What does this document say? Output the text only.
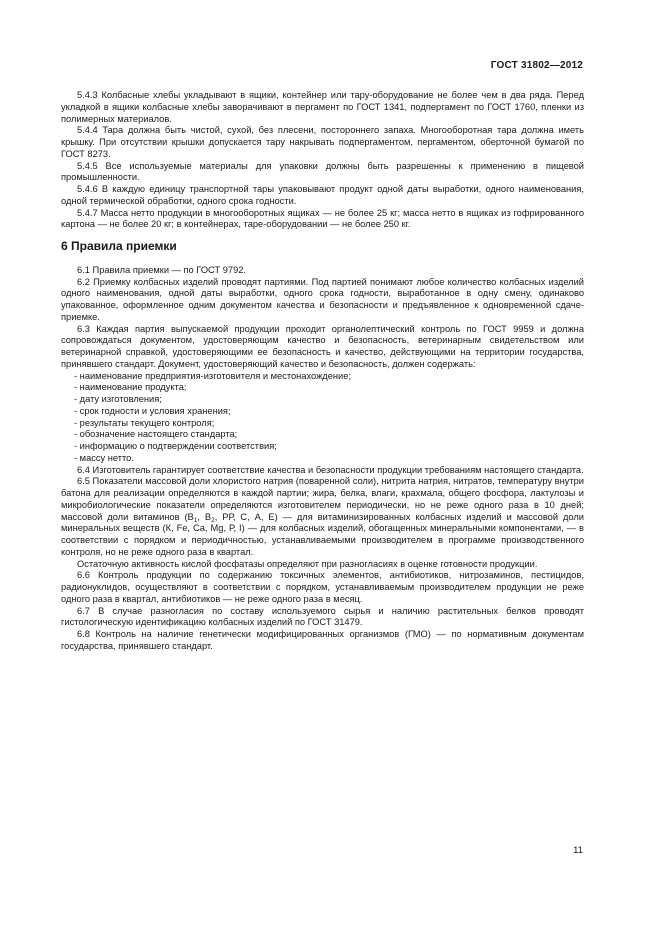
ГОСТ 31802—2012

5.4.3 Колбасные хлебы укладывают в ящики, контейнер или тару-оборудование не более чем в два ряда. Перед укладкой в ящики колбасные хлебы заворачивают в пергамент по ГОСТ 1341, подпергамент по ГОСТ 1760, пленки из полимерных материалов.

5.4.4 Тара должна быть чистой, сухой, без плесени, постороннего запаха. Многооборотная тара должна иметь крышку. При отсутствии крышки допускается тару накрывать подпергаментом, пергаментом, оберточной бумагой по ГОСТ 8273.

5.4.5 Все используемые материалы для упаковки должны быть разрешенны к применению в пищевой промышленности.

5.4.6 В каждую единицу транспортной тары упаковывают продукт одной даты выработки, одного наименования, одной термической обработки, одного срока годности.

5.4.7 Масса нетто продукции в многооборотных ящиках — не более 25 кг; масса нетто в ящиках из гофрированного картона — не более 20 кг; в контейнерах, таре-оборудовании — не более 250 кг.

6 Правила приемки

6.1 Правила приемки — по ГОСТ 9792.

6.2 Приемку колбасных изделий проводят партиями. Под партией понимают любое количество колбасных изделий одного наименования, одной даты выработки, одного срока годности, выработанное в одну смену, одинаково упакованное, оформленное одним документом качества и безопасности и предъявленное к одновременной сдаче-приемке.

6.3 Каждая партия выпускаемой продукции проходит органолептический контроль по ГОСТ 9959 и должна сопровождаться документом, удостоверяющим качество и безопасность, ветеринарным свидетельством или ветеринарной справкой, удостоверяющими ее безопасность и качество, действующими на территории государства, принявшего стандарт. Документ, удостоверяющий качество и безопасность, должен содержать:

- наименование предприятия-изготовителя и местонахождение;
- наименование продукта;
- дату изготовления;
- срок годности и условия хранения;
- результаты текущего контроля;
- обозначение настоящего стандарта;
- информацию о подтверждении соответствия;
- массу нетто.

6.4 Изготовитель гарантирует соответствие качества и безопасности продукции требованиям настоящего стандарта.

6.5 Показатели массовой доли хлористого натрия (поваренной соли), нитрита натрия, нитратов, температуру внутри батона для реализации определяются в каждой партии; жира, белка, влаги, крахмала, общего фосфора, лактулозы и микробиологические показатели определяются изготовителем периодически, но не реже одного раза в 10 дней; массовой доли витаминов ($В_1$, $В_2$, РР, С, А, Е) — для витаминизированных колбасных изделий и массовой доли минеральных веществ (К, Fe, Са, Mg, Р, I) — для колбасных изделий, обогащенных минеральными компонентами, — в соответствии с порядком и периодичностью, устанавливаемыми производителем в программе производственного контроля, но не реже одного раза в квартал.

Остаточную активность кислой фосфатазы определяют при разногласиях в оценке готовности продукции.

6.6 Контроль продукции по содержанию токсичных элементов, антибиотиков, нитрозаминов, пестицидов, радионуклидов, осуществляют в соответствии с порядком, устанавливаемым производителем продукции не реже одного раза в квартал, антибиотиков — не реже одного раза в месяц.

6.7 В случае разногласия по составу используемого сырья и наличию растительных белков проводят гистологическую идентификацию колбасных изделий по ГОСТ 31479.

6.8 Контроль на наличие генетически модифицированных организмов (ГМО) — по нормативным документам государства, принявшего стандарт.

11
